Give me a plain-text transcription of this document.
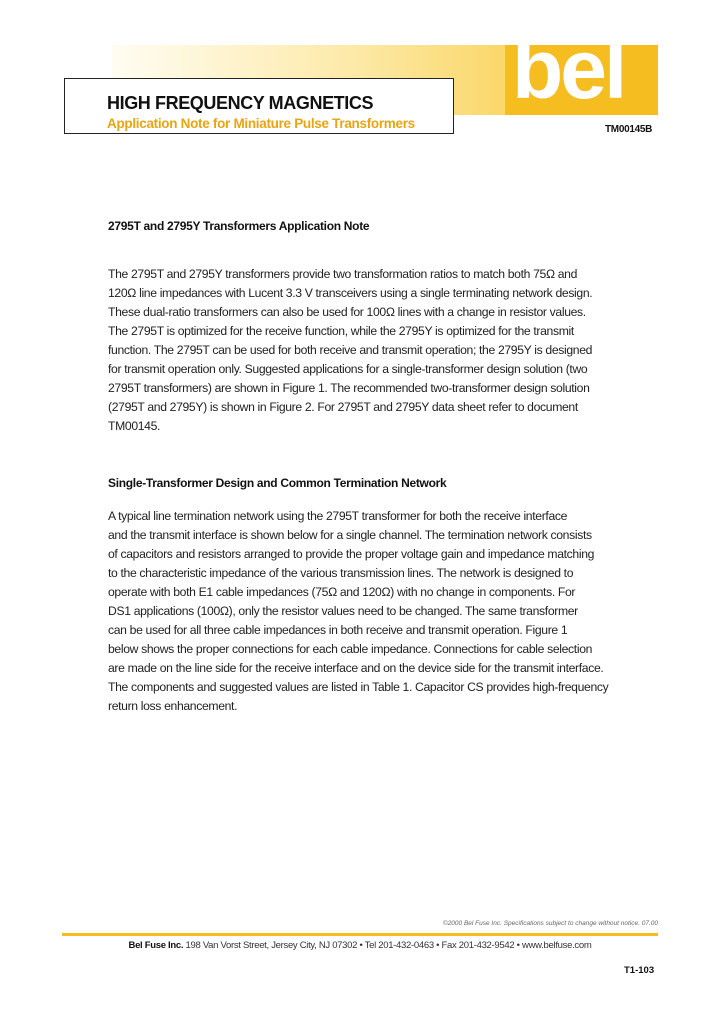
bel
HIGH FREQUENCY MAGNETICS
Application Note for Miniature Pulse Transformers	TM00145B
2795T and 2795Y Transformers Application Note
The 2795T and 2795Y transformers provide two transformation ratios to match both 75Ω and
120Ω line impedances with Lucent 3.3 V transceivers using a single terminating network design.
These dual-ratio transformers can also be used for 100Ω lines with a change in resistor values.
The 2795T is optimized for the receive function, while the 2795Y is optimized for the transmit
function. The 2795T can be used for both receive and transmit operation; the 2795Y is designed
for transmit operation only. Suggested applications for a single-transformer design solution (two
2795T transformers) are shown in Figure 1. The recommended two-transformer design solution
(2795T and 2795Y) is shown in Figure 2. For 2795T and 2795Y data sheet refer to document
TM00145.
Single-Transformer Design and Common Termination Network
A typical line termination network using the 2795T transformer for both the receive interface
and the transmit interface is shown below for a single channel. The termination network consists
of capacitors and resistors arranged to provide the proper voltage gain and impedance matching
to the characteristic impedance of the various transmission lines. The network is designed to
operate with both E1 cable impedances (75Ω and 120Ω) with no change in components. For
DS1 applications (100Ω), only the resistor values need to be changed. The same transformer
can be used for all three cable impedances in both receive and transmit operation. Figure 1
below shows the proper connections for each cable impedance. Connections for cable selection
are made on the line side for the receive interface and on the device side for the transmit interface.
The components and suggested values are listed in Table 1. Capacitor CS provides high-frequency
return loss enhancement.
©2000 Bel Fuse Inc. Specifications subject to change without notice. 07.00
Bel Fuse Inc. 198 Van Vorst Street, Jersey City, NJ 07302 • Tel 201-432-0463 • Fax 201-432-9542 • www.belfuse.com
T1-103
